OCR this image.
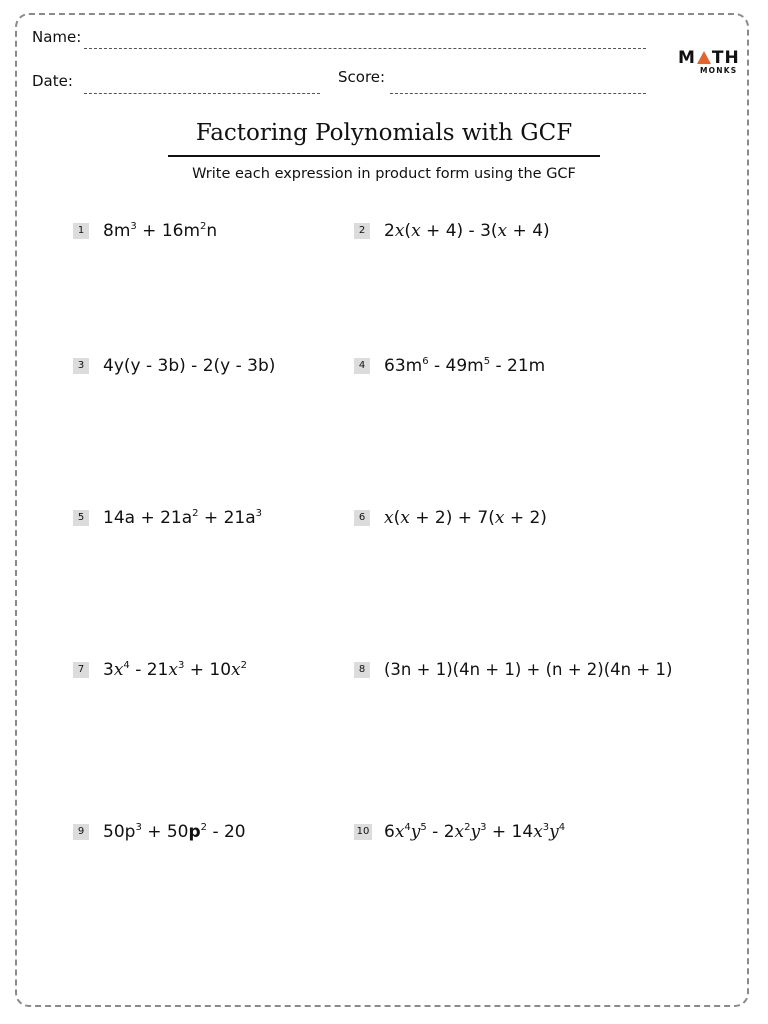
Name:
Date:	Score:
M TH
MONKS
Factoring Polynomials with GCF
Write each expression in product form using the GCF
1 $8m^3 + 16m^2n$	2 2x(x + 4) - 3(x + 4)
3 4y(y - 3b) - 2(y - 3b)	4 $63m^6 - 49m^5 - 21m$
5 $14a + 21a^2 + 21a^3$	6 x(x + 2) + 7(x + 2)
7 $3x^4 - 21x^3 + 10x^2$	8 (3n + 1)(4n + 1) + (n + 2)(4n + 1)
9 $50p^3 + 50p^2 - 20$	10 $6x^4y^5 - 2x^2y^3 + 14x^3y^4$
